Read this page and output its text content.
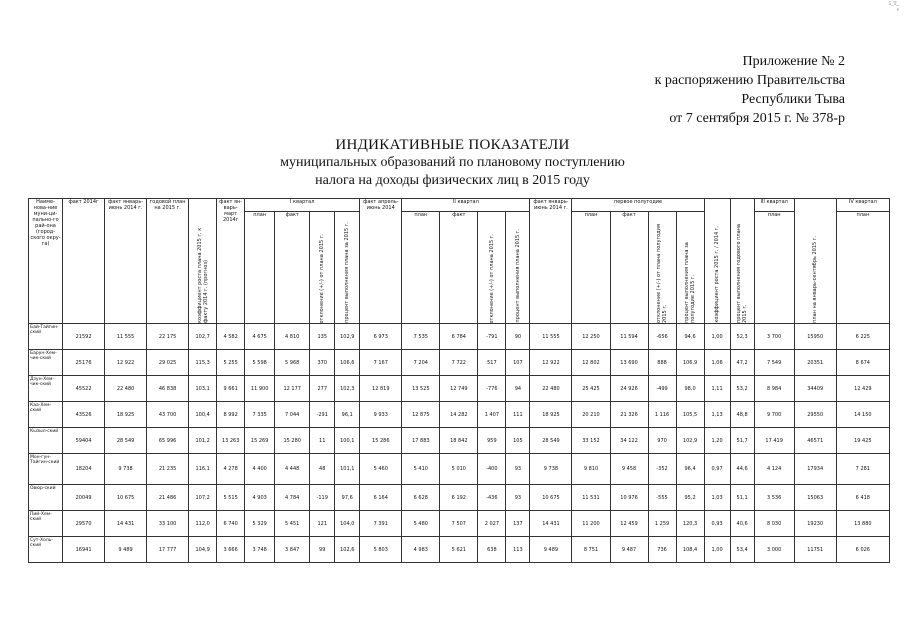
5_T_
ν
Приложение № 2
к распоряжению Правительства
Республики Тыва
от 7 сентября 2015 г. № 378-р
ИНДИКАТИВНЫЕ ПОКАЗАТЕЛИ
муниципальных образований по плановому поступлению
налога на доходы физических лиц в 2015 году
Наиме-нова-ние муни-ци-пально-го рай-она (город-ского окру-га)	факт 2014г	факт январь-июнь 2014 г.	годовой план на 2015 г.	коэффициент роста плана 2015 г. к факту 2014 г. (прогноз)	факт ян-варь-март 2014г	I квартал				факт апрель-июнь 2014	II квартал				факт январь-июнь 2014 г.	первое полугодие				коэффициент роста 2015 г. / 2014 г.	процент выполнения годового плана 2015 г.	III квартал	план на январь-сентябрь 2015 г.	IV квартал
						план	факт	отклонение (+/-) от плана 2015 г.	процент выполнения плана за 2015 г.		план	факт	отклонение (+/-) от плана 2015 г.	процент выполнения плана 2015 г.		план	факт	отклонение (+/-) от плана полугодия 2015 г.	процент выполнения плана за полугодие 2015 г.			план		план
Бай-Тайгин-ский	21592	11 555	22 175	102,7	4 582	4 675	4 810	135	102,9	6 973	7 535	6 784	-791	90	11 555	12 250	11 594	-656	94,6	1,00	52,3	3 700	15950	6 225
Барун-Хем-чик-ский	25176	12 922	29 025	115,3	5 255	5 598	5 968	370	106,6	7 167	7 204	7 722	517	107	12 922	12 802	13 690	888	106,9	1,06	47,2	7 549	20351	8 674
Дзун-Хем-чик-ский	45522	22 480	46 838	103,1	9 661	11 900	12 177	277	102,3	12 819	13 525	12 749	-776	94	22 480	25 425	24 926	-499	98,0	1,11	53,2	8 984	34409	12 429
Каа-Хем-ский	43526	18 925	43 700	100,4	8 992	7 335	7 044	-291	96,1	9 933	12 875	14 282	1 407	111	18 925	20 210	21 326	1 116	105,5	1,13	48,8	9 700	29550	14 150
Кызыл-ский	59404	28 549	65 996	101,2	13 263	15 269	15 280	11	100,1	15 286	17 883	18 842	959	105	28 549	33 152	34 122	970	102,9	1,20	51,7	17 419	46571	19 425
Мон-гун-Тайгин-ский	18204	9 738	21 235	116,1	4 278	4 400	4 448	48	101,1	5 460	5 410	5 010	-400	93	9 738	9 810	9 458	-352	96,4	0,97	44,6	4 124	17934	7 281
Овюр-ский	20049	10 675	21 486	107,2	5 515	4 903	4 784	-119	97,6	6 164	6 628	6 192	-436	93	10 675	11 531	10 976	-555	95,2	1,03	51,1	3 536	15063	6 418
Пий-Хем-ский	29570	14 431	33 100	112,0	6 740	5 329	5 451	121	104,0	7 391	5 480	7 507	2 027	137	14 431	11 200	12 459	1 259	120,3	0,93	40,6	8 030	19230	13 880
Сут-Холь-ский	16941	9 489	17 777	104,9	3 666	3 748	3 847	99	102,6	5 803	4 983	5 621	638	113	9 489	8 751	9 487	736	108,4	1,00	53,4	3 000	11751	6 026
